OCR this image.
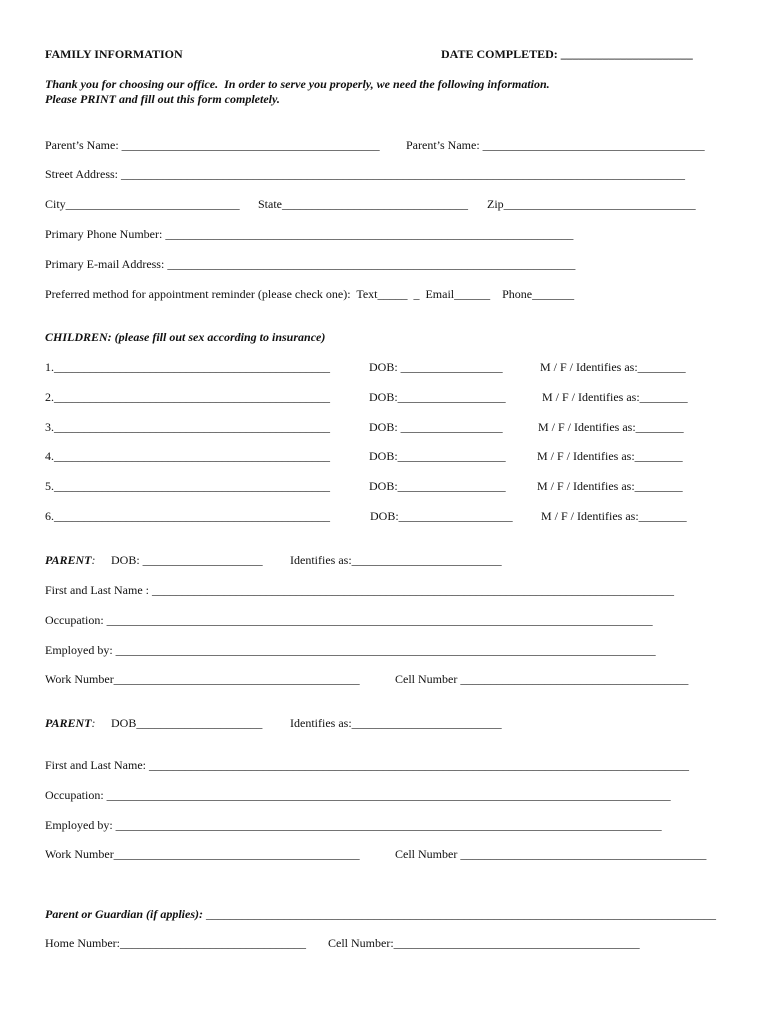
FAMILY INFORMATION	DATE COMPLETED: ______________________
Thank you for choosing our office.  In order to serve you properly, we need the following information.
Please PRINT and fill out this form completely.
Parent’s Name: ___________________________________________ Parent’s Name: _____________________________________
Street Address: ______________________________________________________________________________________________
City_____________________________ State_______________________________ Zip________________________________
Primary Phone Number: ____________________________________________________________________
Primary E-mail Address: ____________________________________________________________________
Preferred method for appointment reminder (please check one):  Text_____  _  Email______    Phone_______
CHILDREN: (please fill out sex according to insurance)
1.______________________________________________	DOB: _________________	M / F / Identifies as:________
2.______________________________________________	DOB:__________________	M / F / Identifies as:________
3.______________________________________________	DOB: _________________	M / F / Identifies as:________
4.______________________________________________	DOB:__________________	M / F / Identifies as:________
5.______________________________________________	DOB:__________________	M / F / Identifies as:________
6.______________________________________________	DOB:___________________ M / F / Identifies as:________
PARENT: DOB: ____________________ Identifies as:_________________________
First and Last Name : _______________________________________________________________________________________
Occupation: ___________________________________________________________________________________________
Employed by: __________________________________________________________________________________________
Work Number_________________________________________	Cell Number ______________________________________
PARENT: DOB_____________________ Identifies as:_________________________
First and Last Name: __________________________________________________________________________________________
Occupation: ______________________________________________________________________________________________
Employed by: ___________________________________________________________________________________________
Work Number_________________________________________	Cell Number _________________________________________
Parent or Guardian (if applies): _____________________________________________________________________________________
Home Number:_______________________________ Cell Number:_________________________________________
